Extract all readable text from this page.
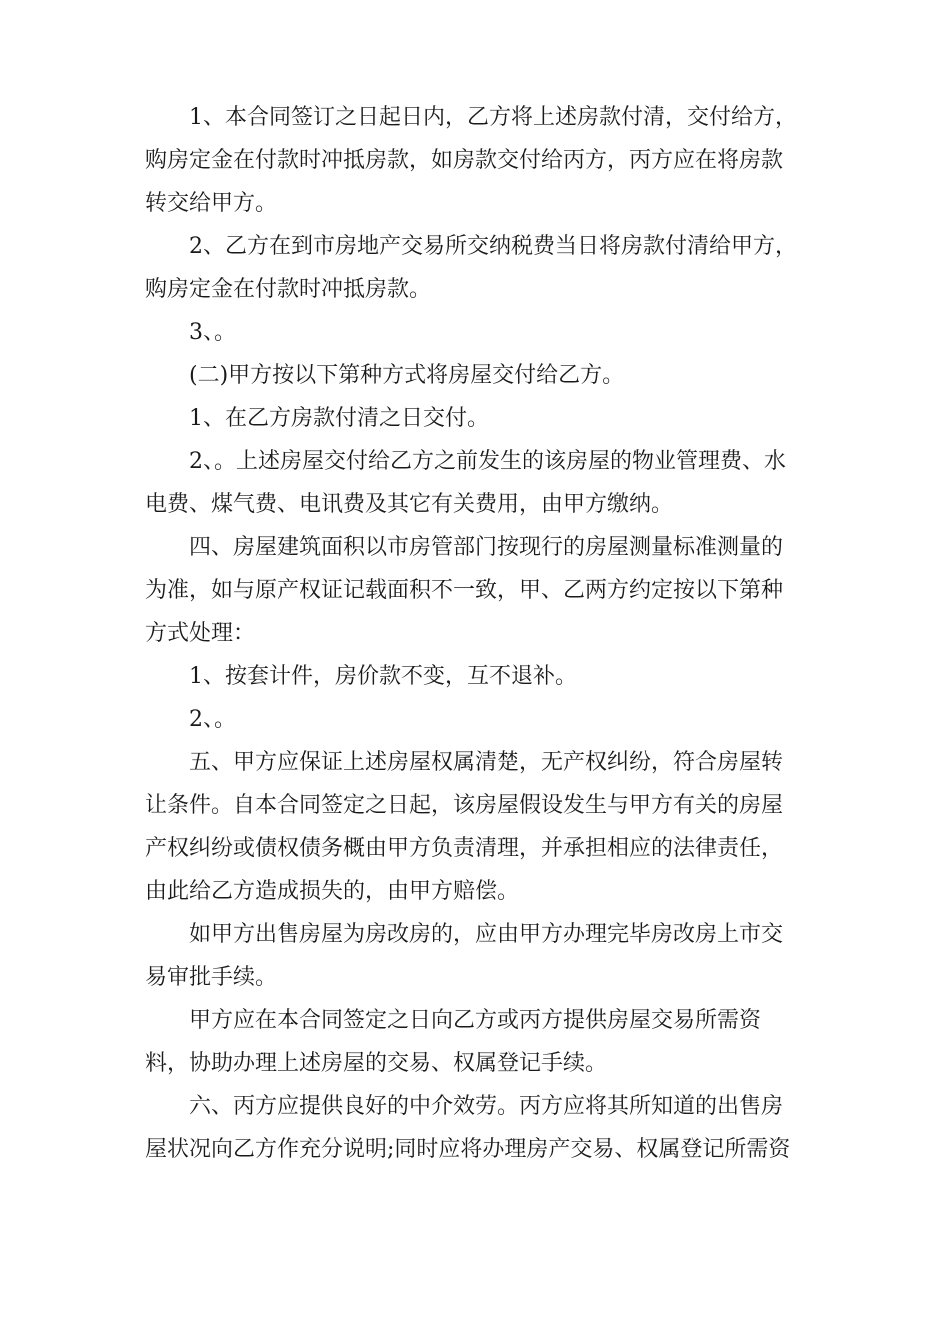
1、本合同签订之日起日内，乙方将上述房款付清，交付给方，
购房定金在付款时冲抵房款，如房款交付给丙方，丙方应在将房款
转交给甲方。
2、乙方在到市房地产交易所交纳税费当日将房款付清给甲方，
购房定金在付款时冲抵房款。
3、。
(二)甲方按以下第种方式将房屋交付给乙方。
1、在乙方房款付清之日交付。
2、。上述房屋交付给乙方之前发生的该房屋的物业管理费、水
电费、煤气费、电讯费及其它有关费用，由甲方缴纳。
四、房屋建筑面积以市房管部门按现行的房屋测量标准测量的
为准，如与原产权证记载面积不一致，甲、乙两方约定按以下第种
方式处理：
1、按套计件，房价款不变，互不退补。
2、。
五、甲方应保证上述房屋权属清楚，无产权纠纷，符合房屋转
让条件。自本合同签定之日起，该房屋假设发生与甲方有关的房屋
产权纠纷或债权债务概由甲方负责清理，并承担相应的法律责任，
由此给乙方造成损失的，由甲方赔偿。
如甲方出售房屋为房改房的，应由甲方办理完毕房改房上市交
易审批手续。
甲方应在本合同签定之日向乙方或丙方提供房屋交易所需资
料，协助办理上述房屋的交易、权属登记手续。
六、丙方应提供良好的中介效劳。丙方应将其所知道的出售房
屋状况向乙方作充分说明;同时应将办理房产交易、权属登记所需资
